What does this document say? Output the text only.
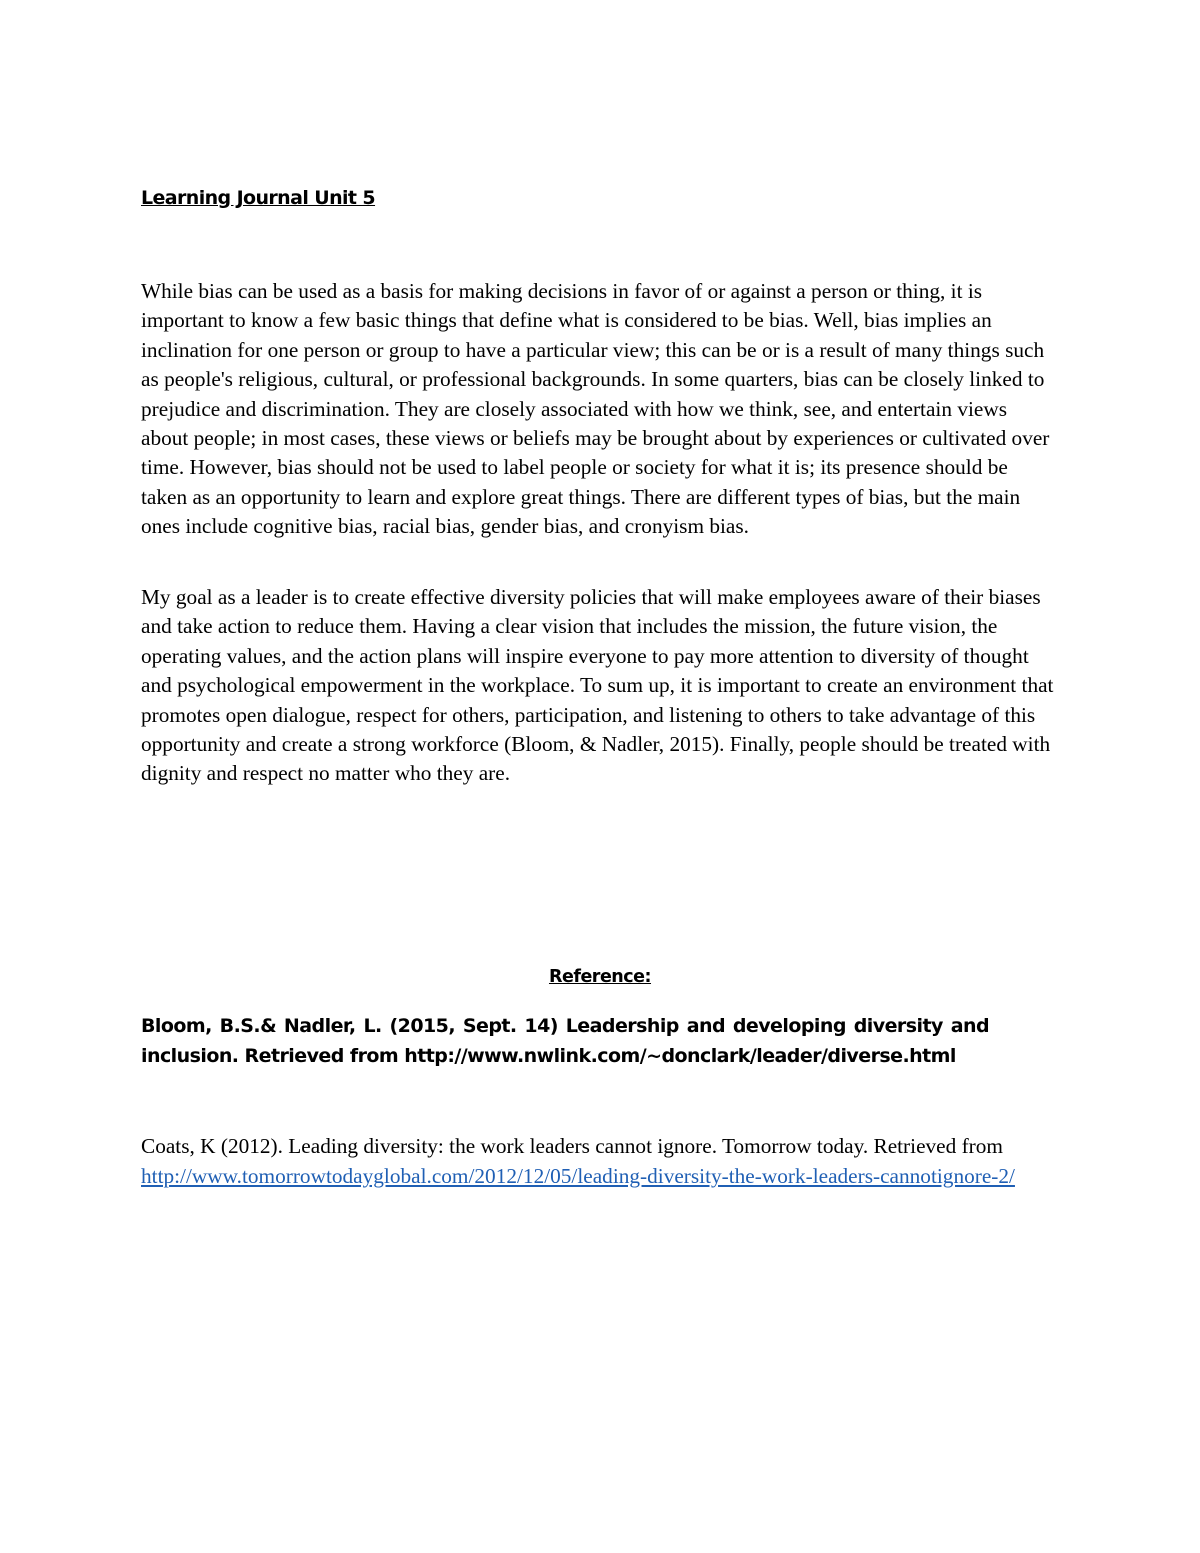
Learning Journal Unit 5

While bias can be used as a basis for making decisions in favor of or against a person or thing, it is important to know a few basic things that define what is considered to be bias. Well, bias implies an inclination for one person or group to have a particular view; this can be or is a result of many things such as people's religious, cultural, or professional backgrounds. In some quarters, bias can be closely linked to prejudice and discrimination. They are closely associated with how we think, see, and entertain views about people; in most cases, these views or beliefs may be brought about by experiences or cultivated over time. However, bias should not be used to label people or society for what it is; its presence should be taken as an opportunity to learn and explore great things. There are different types of bias, but the main ones include cognitive bias, racial bias, gender bias, and cronyism bias.

My goal as a leader is to create effective diversity policies that will make employees aware of their biases and take action to reduce them. Having a clear vision that includes the mission, the future vision, the operating values, and the action plans will inspire everyone to pay more attention to diversity of thought and psychological empowerment in the workplace. To sum up, it is important to create an environment that promotes open dialogue, respect for others, participation, and listening to others to take advantage of this opportunity and create a strong workforce (Bloom, & Nadler, 2015). Finally, people should be treated with dignity and respect no matter who they are.

Reference:

Bloom, B.S.& Nadler, L. (2015, Sept. 14) Leadership and developing diversity and inclusion. Retrieved from http://www.nwlink.com/~donclark/leader/diverse.html

Coats, K (2012). Leading diversity: the work leaders cannot ignore. Tomorrow today. Retrieved from http://www.tomorrowtodayglobal.com/2012/12/05/leading-diversity-the-work-leaders-cannotignore-2/
